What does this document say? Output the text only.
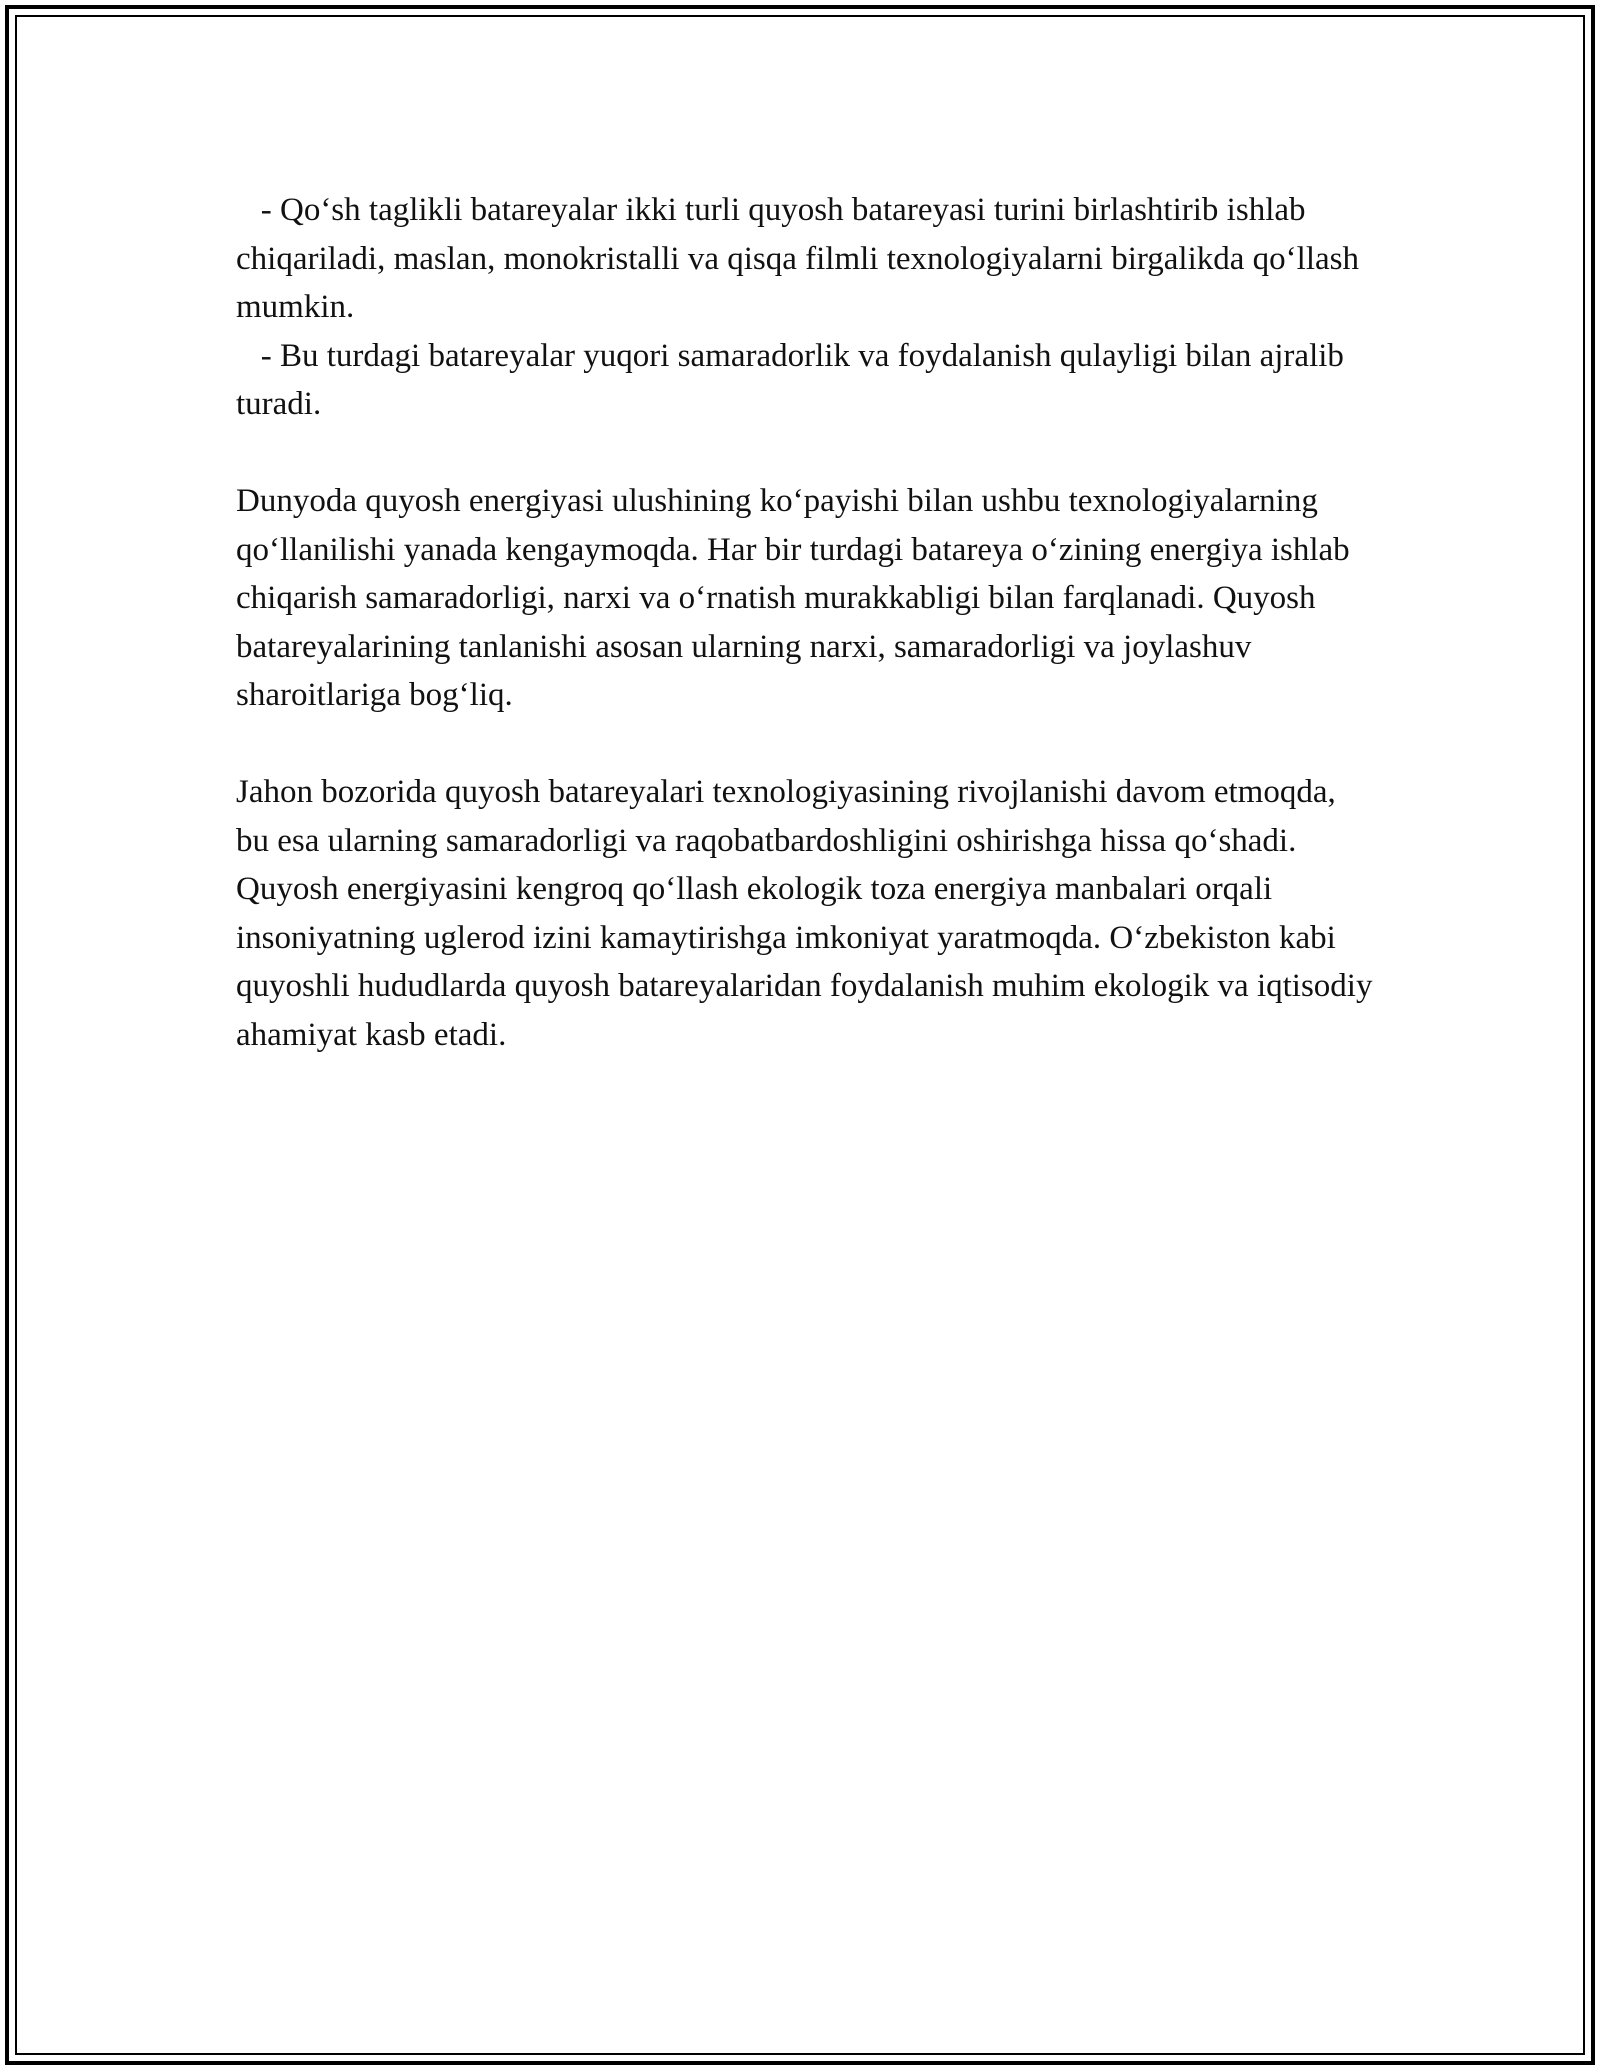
- Qo‘sh taglikli batareyalar ikki turli quyosh batareyasi turini birlashtirib ishlab chiqariladi, maslan, monokristalli va qisqa filmli texnologiyalarni birgalikda qo‘llash mumkin.

- Bu turdagi batareyalar yuqori samaradorlik va foydalanish qulayligi bilan ajralib turadi.

Dunyoda quyosh energiyasi ulushining ko‘payishi bilan ushbu texnologiyalarning qo‘llanilishi yanada kengaymoqda. Har bir turdagi batareya o‘zining energiya ishlab chiqarish samaradorligi, narxi va o‘rnatish murakkabligi bilan farqlanadi. Quyosh batareyalarining tanlanishi asosan ularning narxi, samaradorligi va joylashuv sharoitlariga bog‘liq.

Jahon bozorida quyosh batareyalari texnologiyasining rivojlanishi davom etmoqda, bu esa ularning samaradorligi va raqobatbardoshligini oshirishga hissa qo‘shadi. Quyosh energiyasini kengroq qo‘llash ekologik toza energiya manbalari orqali insoniyatning uglerod izini kamaytirishga imkoniyat yaratmoqda. O‘zbekiston kabi quyoshli hududlarda quyosh batareyalaridan foydalanish muhim ekologik va iqtisodiy ahamiyat kasb etadi.
